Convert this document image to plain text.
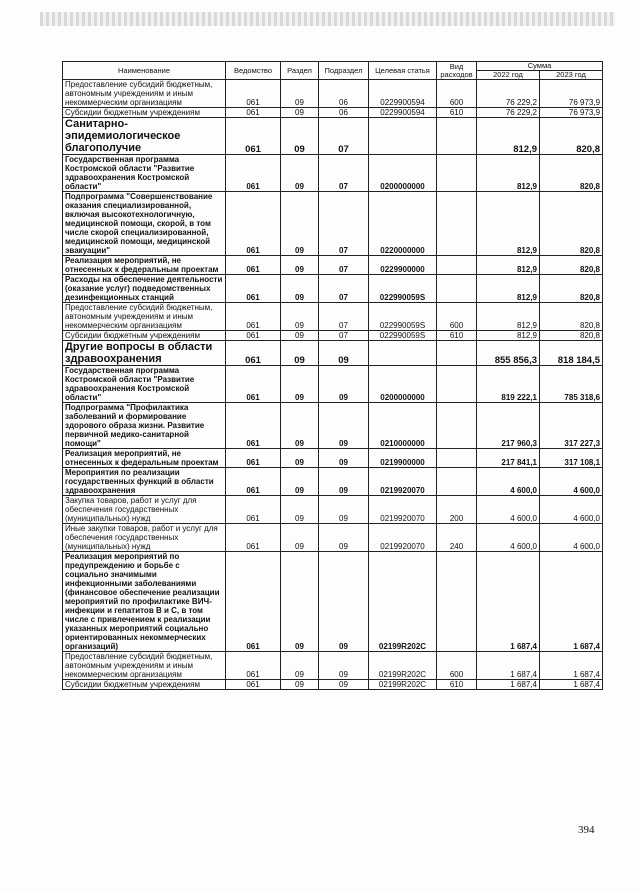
Наименование	Ведомство	Раздел	Подраздел	Целевая статья	Вид расходов	Сумма	
						2022 год	2023 год
Предоставление субсидий бюджетным, автономным учреждениям и иным некоммерческим организациям	061	09	06	0229900594	600	76 229,2	76 973,9
Субсидии бюджетным учреждениям	061	09	06	0229900594	610	76 229,2	76 973,9
Санитарно-эпидемиологическое благополучие	061	09	07			812,9	820,8
Государственная программа Костромской области "Развитие здравоохранения Костромской области"	061	09	07	0200000000		812,9	820,8
Подпрограмма "Совершенствование оказания специализированной, включая высокотехнологичную, медицинской помощи, скорой, в том числе скорой специализированной, медицинской помощи, медицинской эвакуации"	061	09	07	0220000000		812,9	820,8
Реализация мероприятий, не отнесенных к федеральным проектам	061	09	07	0229900000		812,9	820,8
Расходы на обеспечение деятельности (оказание услуг) подведомственных дезинфекционных станций	061	09	07	022990059S		812,9	820,8
Предоставление субсидий бюджетным, автономным учреждениям и иным некоммерческим организациям	061	09	07	022990059S	600	812,9	820,8
Субсидии бюджетным учреждениям	061	09	07	022990059S	610	812,9	820,8
Другие вопросы в области здравоохранения	061	09	09			855 856,3	818 184,5
Государственная программа Костромской области "Развитие здравоохранения Костромской области"	061	09	09	0200000000		819 222,1	785 318,6
Подпрограмма "Профилактика заболеваний и формирование здорового образа жизни. Развитие первичной медико-санитарной помощи"	061	09	09	0210000000		217 960,3	317 227,3
Реализация мероприятий, не отнесенных к федеральным проектам	061	09	09	0219900000		217 841,1	317 108,1
Мероприятия по реализации государственных функций в области здравоохранения	061	09	09	0219920070		4 600,0	4 600,0
Закупка товаров, работ и услуг для обеспечения государственных (муниципальных) нужд	061	09	09	0219920070	200	4 600,0	4 600,0
Иные закупки товаров, работ и услуг для обеспечения государственных (муниципальных) нужд	061	09	09	0219920070	240	4 600,0	4 600,0
Реализация мероприятий по предупреждению и борьбе с социально значимыми инфекционными заболеваниями (финансовое обеспечение реализации мероприятий по профилактике ВИЧ- инфекции и гепатитов В и С, в том числе с привлечением к реализации указанных мероприятий социально ориентированных некоммерческих организаций)	061	09	09	02199R202C		1 687,4	1 687,4
Предоставление субсидий бюджетным, автономным учреждениям и иным некоммерческим организациям	061	09	09	02199R202C	600	1 687,4	1 687,4
Субсидии бюджетным учреждениям	061	09	09	02199R202C	610	1 687,4	1 687,4
394
